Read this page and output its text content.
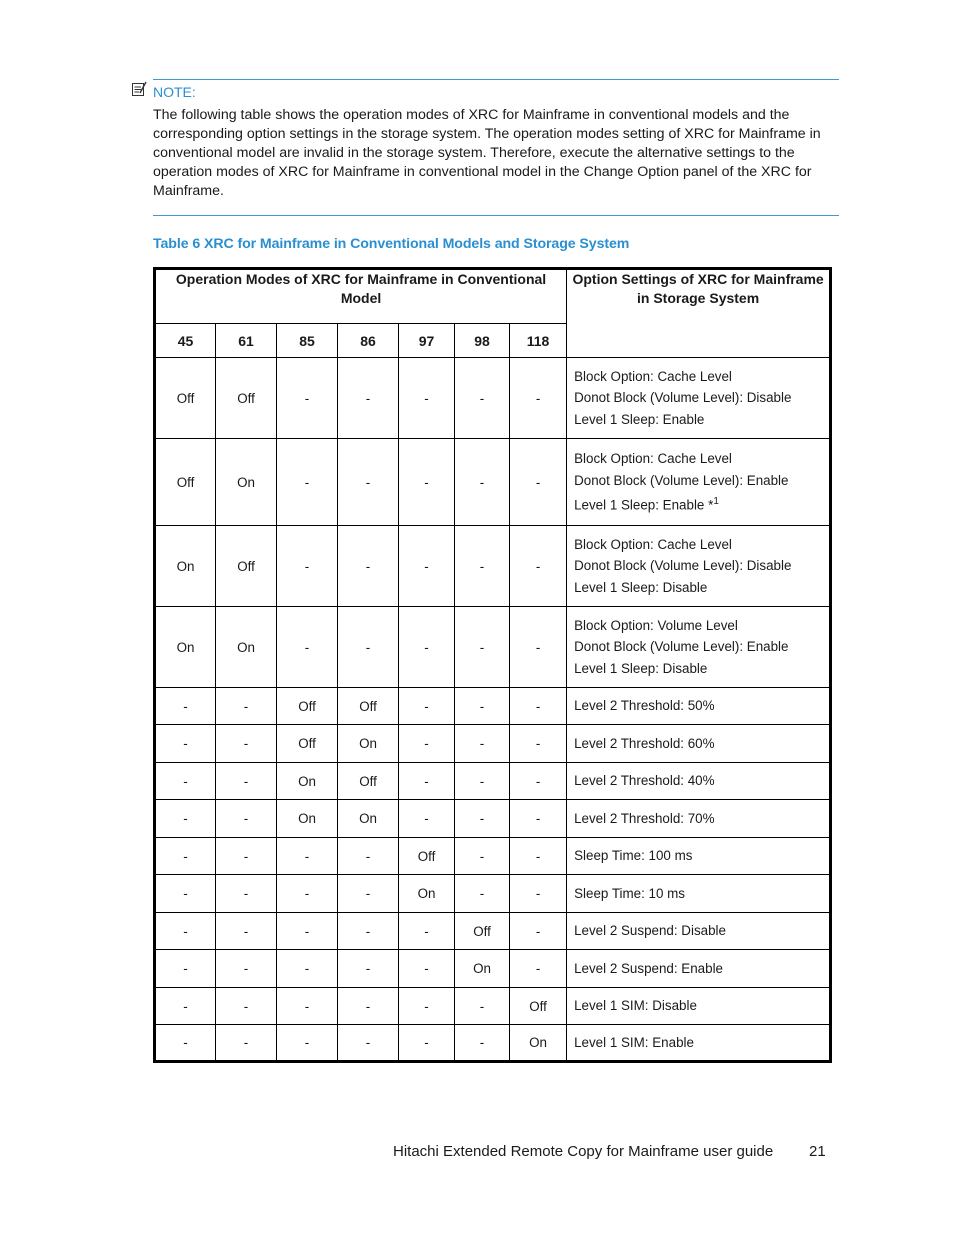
NOTE:
The following table shows the operation modes of XRC for Mainframe in conventional models and the corresponding option settings in the storage system. The operation modes setting of XRC for Mainframe in conventional model are invalid in the storage system. Therefore, execute the alternative settings to the operation modes of XRC for Mainframe in conventional model in the Change Option panel of the XRC for Mainframe.
Table 6 XRC for Mainframe in Conventional Models and Storage System
Operation Modes of XRC for Mainframe in Conventional Model							Option Settings of XRC for Mainframe in Storage System
45	61	85	86	97	98	118	
Off	Off	-	-	-	-	-	Block Option: Cache Level
Donot Block (Volume Level): Disable
Level 1 Sleep: Enable

Off	On	-	-	-	-	-	Block Option: Cache Level
Donot Block (Volume Level): Enable
Level 1 Sleep: Enable *$^1$

On	Off	-	-	-	-	-	Block Option: Cache Level
Donot Block (Volume Level): Disable
Level 1 Sleep: Disable

On	On	-	-	-	-	-	Block Option: Volume Level
Donot Block (Volume Level): Enable
Level 1 Sleep: Disable

-	-	Off	Off	-	-	-	Level 2 Threshold: 50%

-	-	Off	On	-	-	-	Level 2 Threshold: 60%

-	-	On	Off	-	-	-	Level 2 Threshold: 40%

-	-	On	On	-	-	-	Level 2 Threshold: 70%

-	-	-	-	Off	-	-	Sleep Time: 100 ms

-	-	-	-	On	-	-	Sleep Time: 10 ms

-	-	-	-	-	Off	-	Level 2 Suspend: Disable

-	-	-	-	-	On	-	Level 2 Suspend: Enable

-	-	-	-	-	-	Off	Level 1 SIM: Disable

-	-	-	-	-	-	On	Level 1 SIM: Enable
Hitachi Extended Remote Copy for Mainframe user guide 21
